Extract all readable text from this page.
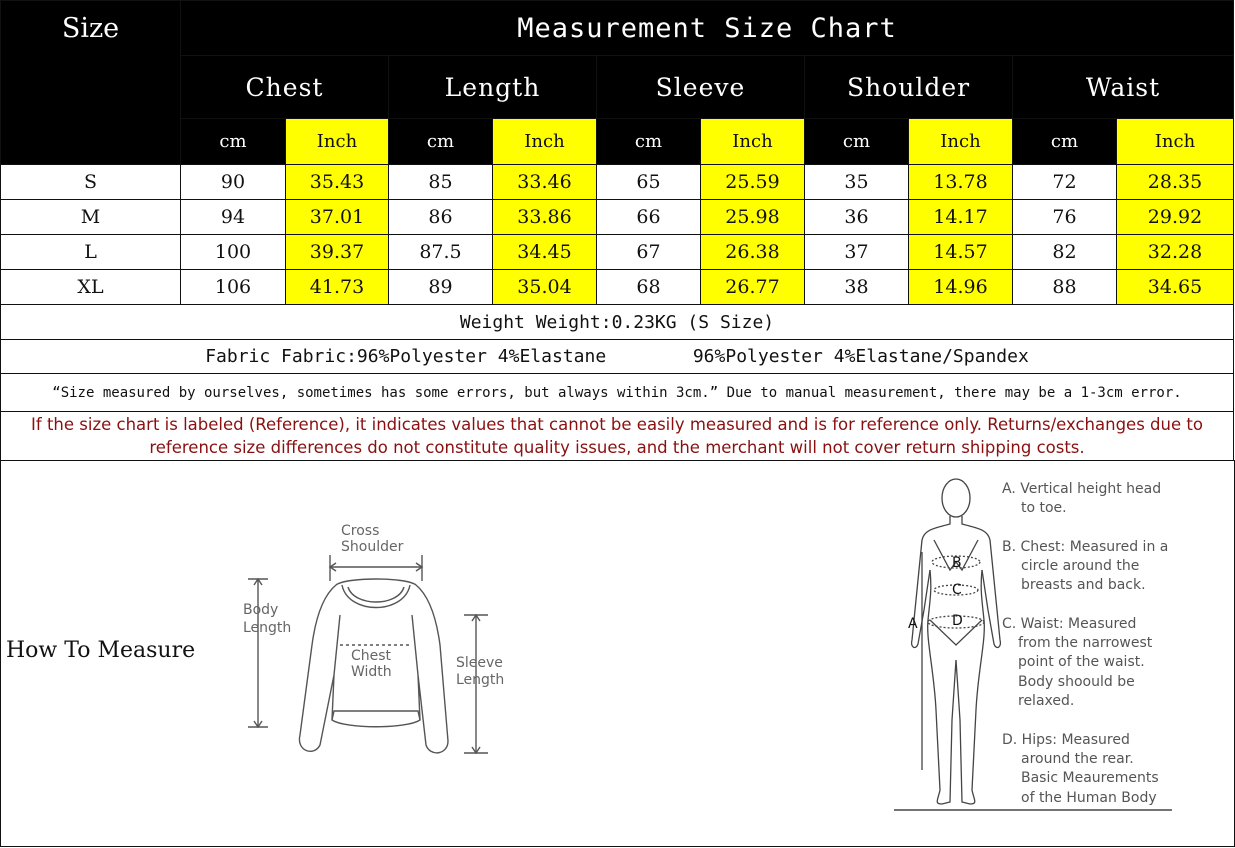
Size	Measurement Size Chart									
	Chest		Length		Sleeve		Shoulder		Waist	
	cm	Inch	cm	Inch	cm	Inch	cm	Inch	cm	Inch
S	90	35.43	85	33.46	65	25.59	35	13.78	72	28.35
M	94	37.01	86	33.86	66	25.98	36	14.17	76	29.92
L	100	39.37	87.5	34.45	67	26.38	37	14.57	82	32.28
XL	106	41.73	89	35.04	68	26.77	38	14.96	88	34.65
Weight Weight:0.23KG (S Size)										
Fabric Fabric:96%Polyester 4%Elastane        96%Polyester 4%Elastane/Spandex										
“Size measured by ourselves, sometimes has some errors, but always within 3cm.” Due to manual measurement, there may be a 1-3cm error.										
If the size chart is labeled (Reference), it indicates values that cannot be easily measured and is for reference only. Returns/exchanges due to reference size differences do not constitute quality issues, and the merchant will not cover return shipping costs.										
How To Measure
Cross
Shoulder
Body
Length
Chest
Width
Sleeve
Length
B
C
D
A
A. Vertical height head
to toe.
B. Chest: Measured in a
circle around the
breasts and back.
C. Waist: Measured
from the narrowest
point of the waist.
Body shoould be
relaxed.
D. Hips: Measured
around the rear.
Basic Meaurements
of the Human Body
